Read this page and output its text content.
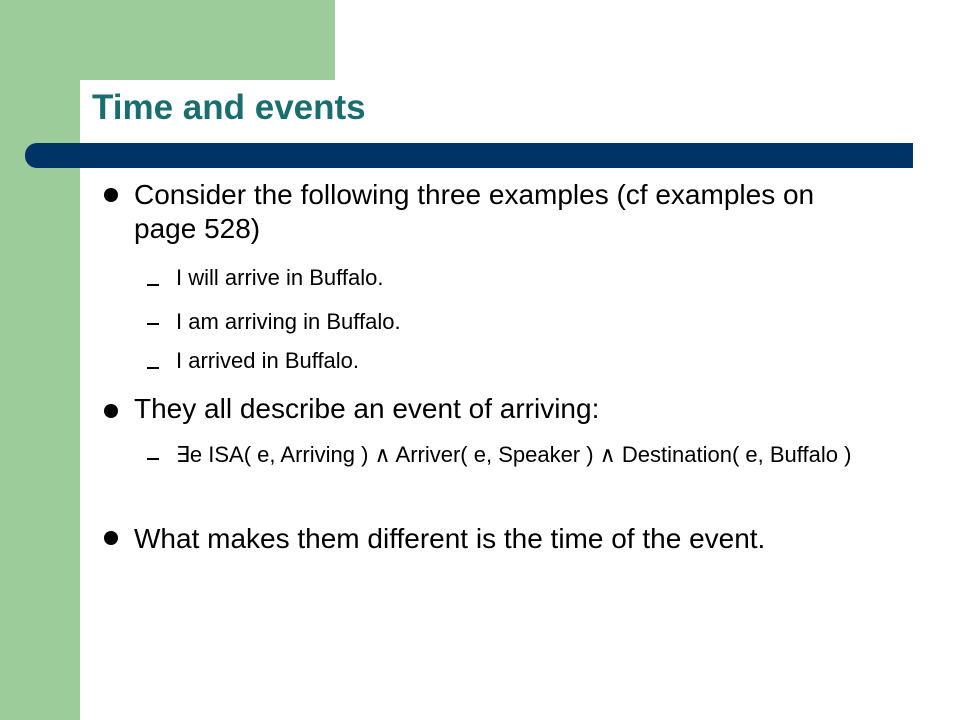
Time and events
Consider the following three examples (cf examples on page 528)
I will arrive in Buffalo.
I am arriving in Buffalo.
I arrived in Buffalo.
They all describe an event of arriving:
∃e ISA( e, Arriving ) ∧ Arriver( e, Speaker ) ∧ Destination( e, Buffalo )
What makes them different is the time of the event.
